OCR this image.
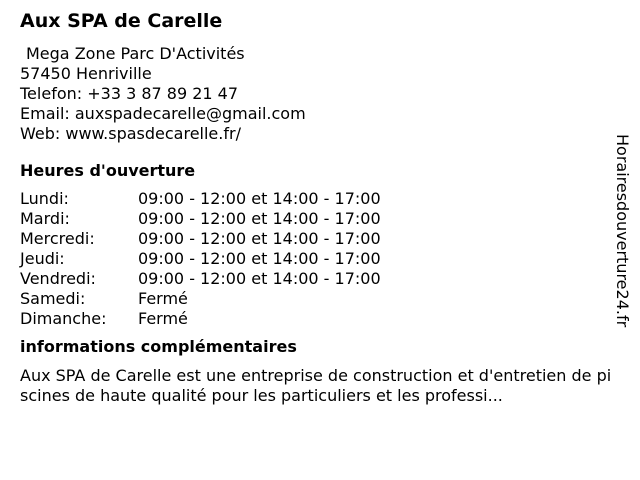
Aux SPA de Carelle
Mega Zone Parc D'Activités
57450 Henriville
Telefon: +33 3 87 89 21 47
Email: auxspadecarelle@gmail.com
Web: www.spasdecarelle.fr/
Heures d'ouverture
Lundi:	09:00 - 12:00 et 14:00 - 17:00
Mardi:	09:00 - 12:00 et 14:00 - 17:00
Mercredi:	09:00 - 12:00 et 14:00 - 17:00
Jeudi:	09:00 - 12:00 et 14:00 - 17:00
Vendredi:	09:00 - 12:00 et 14:00 - 17:00
Samedi:	Fermé
Dimanche:	Fermé
informations complémentaires
Aux SPA de Carelle est une entreprise de construction et d'entretien de piscines de haute qualité pour les particuliers et les professi...
Horairesdouverture24.fr
